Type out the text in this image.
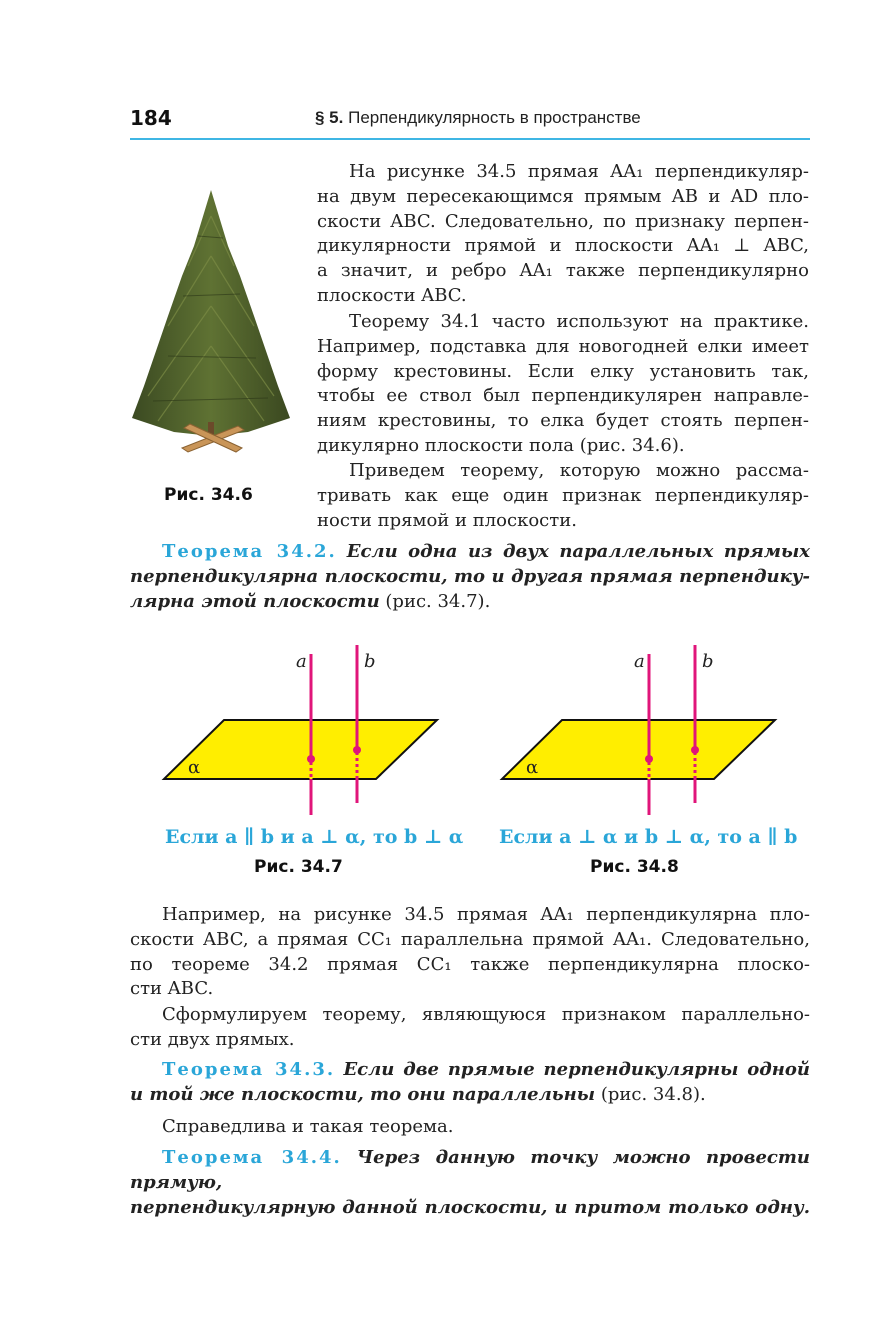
184	§ 5. Перпендикулярность в пространстве
Рис. 34.6
На рисунке 34.5 прямая AA₁ перпендикуляр-
на двум пересекающимся прямым AB и AD пло-
скости ABC. Следовательно, по признаку перпен-
дикулярности прямой и плоскости AA₁ ⊥ ABC,
а значит, и ребро AA₁ также перпендикулярно
плоскости ABC.
Теорему 34.1 часто используют на практике.
Например, подставка для новогодней елки имеет
форму крестовины. Если елку установить так,
чтобы ее ствол был перпендикулярен направле-
ниям крестовины, то елка будет стоять перпен-
дикулярно плоскости пола (рис. 34.6).
Приведем теорему, которую можно рассма-
тривать как еще один признак перпендикуляр-
ности прямой и плоскости.
Теорема 34.2. Если одна из двух параллельных прямых
перпендикулярна плоскости, то и другая прямая перпендику-
лярна этой плоскости (рис. 34.7).
a	b
α
Если a ∥ b и a ⊥ α, то b ⊥ α
Рис. 34.7
a	b
α
Если a ⊥ α и b ⊥ α, то a ∥ b
Рис. 34.8
Например, на рисунке 34.5 прямая AA₁ перпендикулярна пло-
скости ABC, а прямая CC₁ параллельна прямой AA₁. Следовательно,
по теореме 34.2 прямая CC₁ также перпендикулярна плоско-
сти ABC.
Сформулируем теорему, являющуюся признаком параллельно-
сти двух прямых.
Теорема 34.3. Если две прямые перпендикулярны одной
и той же плоскости, то они параллельны (рис. 34.8).
Справедлива и такая теорема.
Теорема 34.4. Через данную точку можно провести прямую,
перпендикулярную данной плоскости, и притом только одну.
